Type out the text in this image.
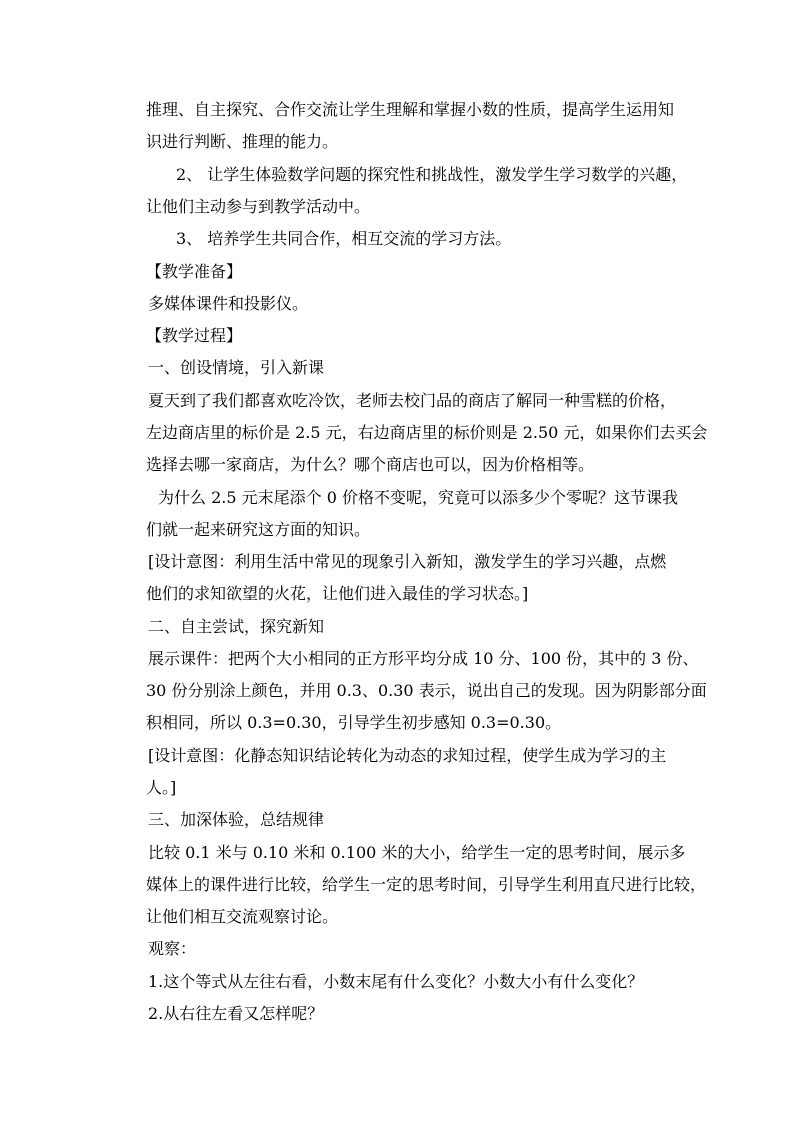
推理、自主探究、合作交流让学生理解和掌握小数的性质，提高学生运用知
识进行判断、推理的能力。
　2、 让学生体验数学问题的探究性和挑战性，激发学生学习数学的兴趣，
让他们主动参与到教学活动中。
　3、 培养学生共同合作，相互交流的学习方法。
【教学准备】
多媒体课件和投影仪。
【教学过程】
一、创设情境，引入新课
夏天到了我们都喜欢吃冷饮，老师去校门品的商店了解同一种雪糕的价格，
左边商店里的标价是 2.5 元，右边商店里的标价则是 2.50 元，如果你们去买会
选择去哪一家商店，为什么？哪个商店也可以，因为价格相等。
　为什么 2.5 元末尾添个 0 价格不变呢，究竟可以添多少个零呢？这节课我
们就一起来研究这方面的知识。
[设计意图：利用生活中常见的现象引入新知，激发学生的学习兴趣，点燃
他们的求知欲望的火花，让他们进入最佳的学习状态。]
二、自主尝试，探究新知
展示课件：把两个大小相同的正方形平均分成 10 分、100 份，其中的 3 份、
30 份分别涂上颜色，并用 0.3、0.30 表示，说出自己的发现。因为阴影部分面
积相同，所以 0.3=0.30，引导学生初步感知 0.3=0.30。
[设计意图：化静态知识结论转化为动态的求知过程，使学生成为学习的主
人。]
三、加深体验，总结规律
比较 0.1 米与 0.10 米和 0.100 米的大小，给学生一定的思考时间，展示多
媒体上的课件进行比较，给学生一定的思考时间，引导学生利用直尺进行比较，
让他们相互交流观察讨论。
观察：
1.这个等式从左往右看，小数末尾有什么变化？小数大小有什么变化？
2.从右往左看又怎样呢？
